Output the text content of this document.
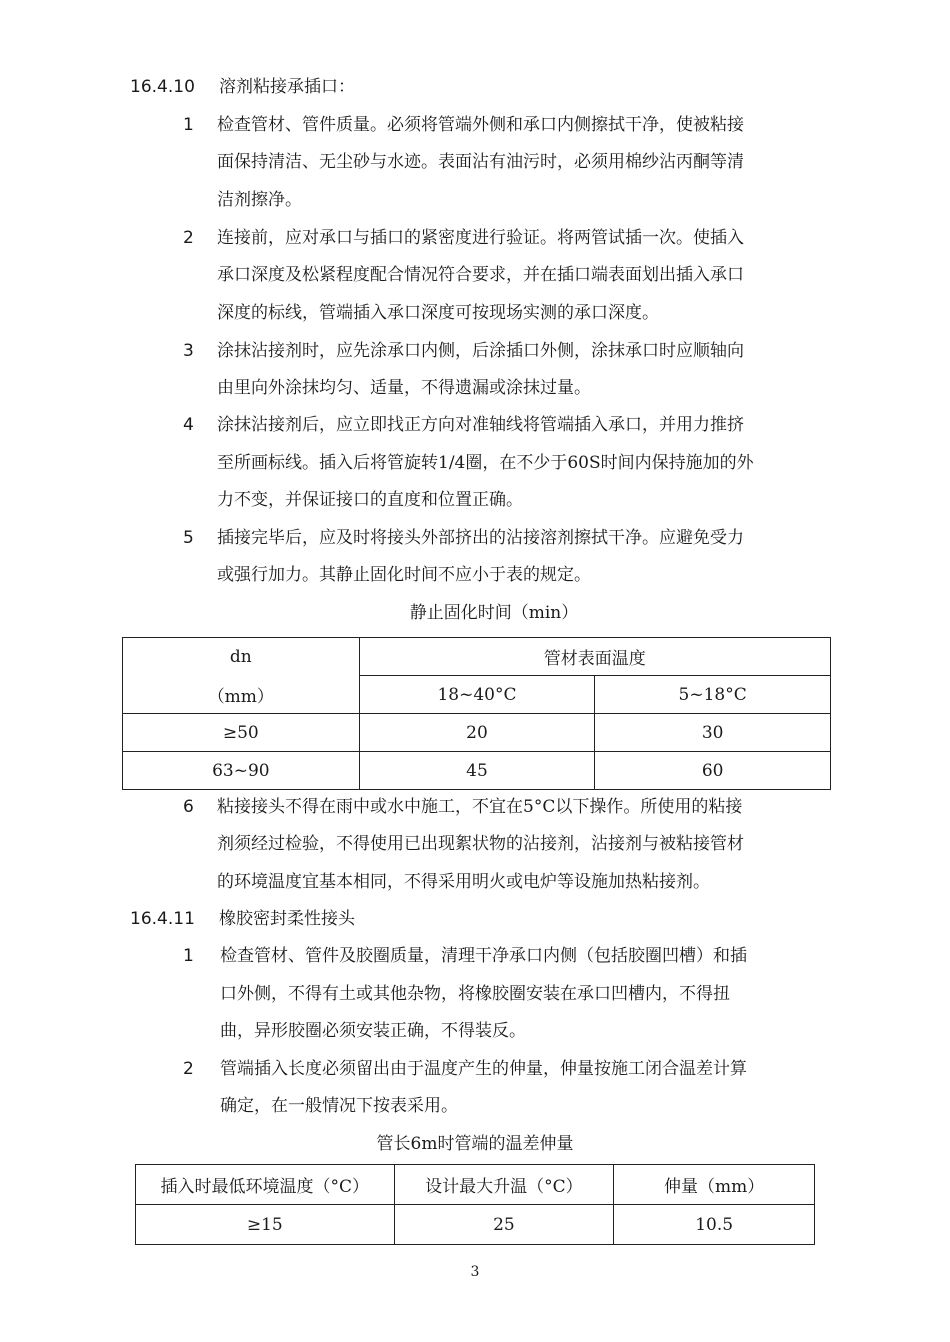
16.4.10 溶剂粘接承插口：
1 检查管材、管件质量。必须将管端外侧和承口内侧擦拭干净，使被粘接
面保持清洁、无尘砂与水迹。表面沾有油污时，必须用棉纱沾丙酮等清
洁剂擦净。
2 连接前，应对承口与插口的紧密度进行验证。将两管试插一次。使插入
承口深度及松紧程度配合情况符合要求，并在插口端表面划出插入承口
深度的标线，管端插入承口深度可按现场实测的承口深度。
3 涂抹沾接剂时，应先涂承口内侧，后涂插口外侧，涂抹承口时应顺轴向
由里向外涂抹均匀、适量，不得遗漏或涂抹过量。
4 涂抹沾接剂后，应立即找正方向对准轴线将管端插入承口，并用力推挤
至所画标线。插入后将管旋转1/4圈，在不少于60S时间内保持施加的外
力不变，并保证接口的直度和位置正确。
5 插接完毕后，应及时将接头外部挤出的沾接溶剂擦拭干净。应避免受力
或强行加力。其静止固化时间不应小于表的规定。
静止固化时间（min）
dn	管材表面温度	
（mm）	18~40°C	5~18°C
≥50	20	30
63~90	45	60
6 粘接接头不得在雨中或水中施工，不宜在5°C以下操作。所使用的粘接
剂须经过检验，不得使用已出现絮状物的沾接剂，沾接剂与被粘接管材
的环境温度宜基本相同，不得采用明火或电炉等设施加热粘接剂。
16.4.11 橡胶密封柔性接头
1 检查管材、管件及胶圈质量，清理干净承口内侧（包括胶圈凹槽）和插
口外侧，不得有土或其他杂物，将橡胶圈安装在承口凹槽内，不得扭
曲，异形胶圈必须安装正确，不得装反。
2 管端插入长度必须留出由于温度产生的伸量，伸量按施工闭合温差计算
确定，在一般情况下按表采用。
管长6m时管端的温差伸量
插入时最低环境温度（°C）	设计最大升温（°C）	伸量（mm）
≥15	25	10.5
3
